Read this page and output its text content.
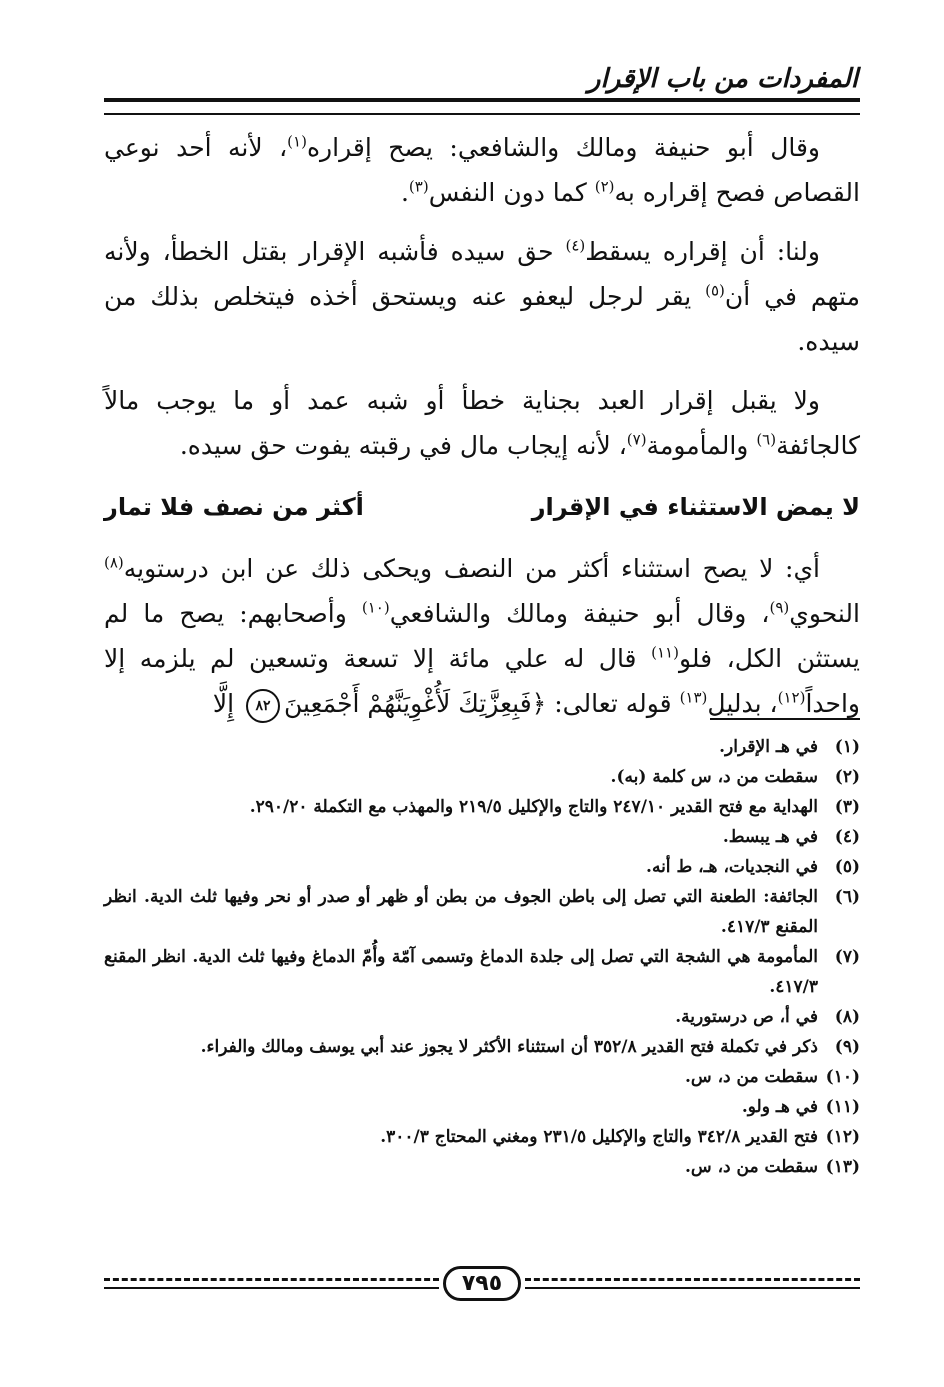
المفردات من باب الإقرار

وقال أبو حنيفة ومالك والشافعي: يصح إقراره$^{(١)}$، لأنه أحد نوعي القصاص فصح إقراره به$^{(٢)}$ كما دون النفس$^{(٣)}$.

ولنا: أن إقراره يسقط$^{(٤)}$ حق سيده فأشبه الإقرار بقتل الخطأ، ولأنه متهم في أن$^{(٥)}$ يقر لرجل ليعفو عنه ويستحق أخذه فيتخلص بذلك من سيده.

ولا يقبل إقرار العبد بجناية خطأ أو شبه عمد أو ما يوجب مالاً كالجائفة$^{(٦)}$ والمأمومة$^{(٧)}$، لأنه إيجاب مال في رقبته يفوت حق سيده.

لا يمض الاستثناء في الإقرار
أكثر من نصف فلا تمار

أي: لا يصح استثناء أكثر من النصف ويحكى ذلك عن ابن درستويه$^{(٨)}$ النحوي$^{(٩)}$، وقال أبو حنيفة ومالك والشافعي$^{(١٠)}$ وأصحابهم: يصح ما لم يستثن الكل، فلو$^{(١١)}$ قال له علي مائة إلا تسعة وتسعين لم يلزمه إلا واحداً$^{(١٢)}$، بدليل$^{(١٣)}$ قوله تعالى: ﴿فَبِعِزَّتِكَ لَأُغْوِيَنَّهُمْ أَجْمَعِينَ٨٢ إِلَّا

(١)
في هـ الإقرار.
(٢)
سقطت من د، س كلمة (به).
(٣)
الهداية مع فتح القدير ٢٤٧/١٠ والتاج والإكليل ٢١٩/٥ والمهذب مع التكملة ٢٩٠/٢٠.
(٤)
في هـ يبسط.
(٥)
في النجديات، هـ، ط أنه.
(٦)
الجائفة: الطعنة التي تصل إلى باطن الجوف من بطن أو ظهر أو صدر أو نحر وفيها ثلث الدية. انظر المقنع ٤١٧/٣.
(٧)
المأمومة هي الشجة التي تصل إلى جلدة الدماغ وتسمى آمّة وأُمّ الدماغ وفيها ثلث الدية. انظر المقنع ٤١٧/٣.
(٨)
في أ، ص درستورية.
(٩)
ذكر في تكملة فتح القدير ٣٥٢/٨ أن استثناء الأكثر لا يجوز عند أبي يوسف ومالك والفراء.
(١٠)
سقطت من د، س.
(١١)
في هـ ولو.
(١٢)
فتح القدير ٣٤٢/٨ والتاج والإكليل ٢٣١/٥ ومغني المحتاج ٣٠٠/٣.
(١٣)
سقطت من د، س.
٧٩٥
